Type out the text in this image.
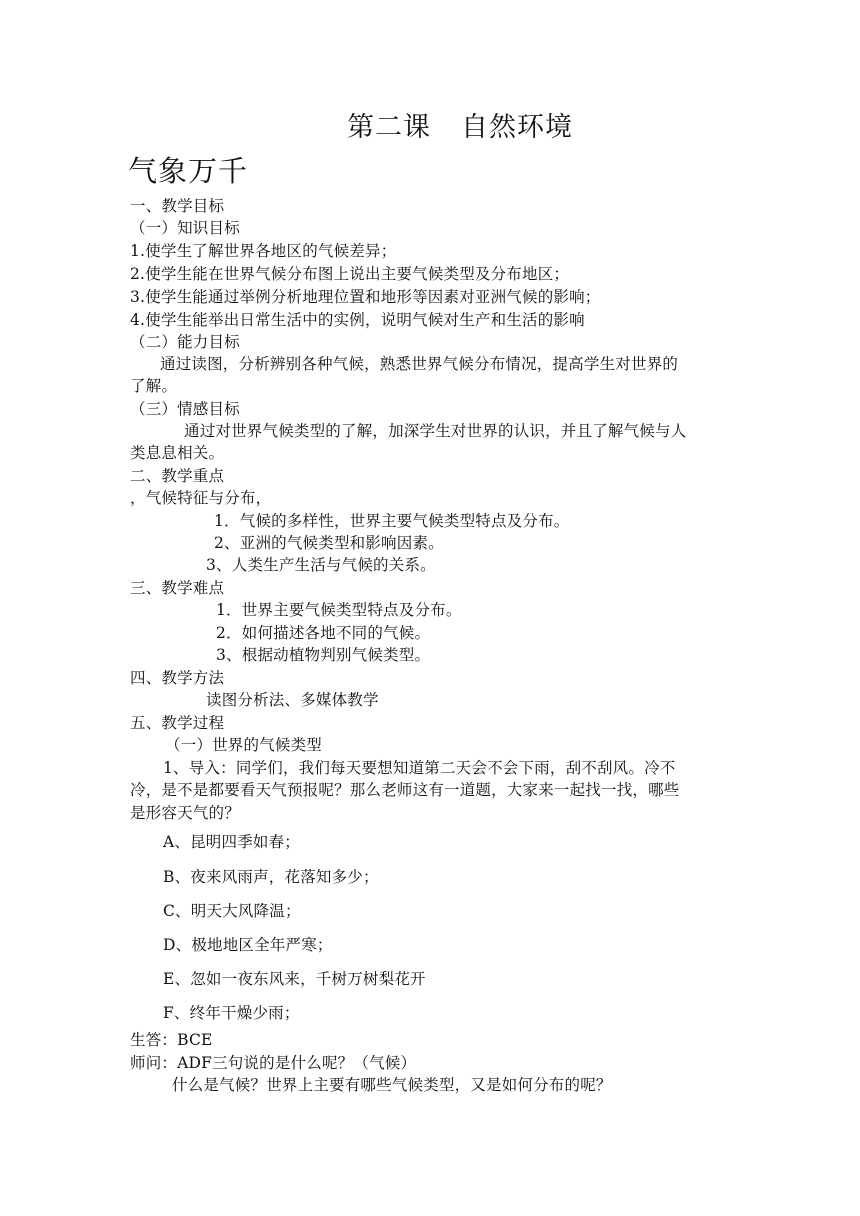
第二课 自然环境
气象万千
一、教学目标
（一）知识目标
1.使学生了解世界各地区的气候差异；
2.使学生能在世界气候分布图上说出主要气候类型及分布地区；
3.使学生能通过举例分析地理位置和地形等因素对亚洲气候的影响；
4.使学生能举出日常生活中的实例，说明气候对生产和生活的影响
（二）能力目标
通过读图，分析辨别各种气候，熟悉世界气候分布情况，提高学生对世界的
了解。
（三）情感目标
通过对世界气候类型的了解，加深学生对世界的认识，并且了解气候与人
类息息相关。
二、教学重点
，气候特征与分布，
1．气候的多样性，世界主要气候类型特点及分布。
2、亚洲的气候类型和影响因素。
3、人类生产生活与气候的关系。
三、教学难点
1．世界主要气候类型特点及分布。
2．如何描述各地不同的气候。
3、根据动植物判别气候类型。
四、教学方法
读图分析法、多媒体教学
五、教学过程
（一）世界的气候类型
1、导入：同学们，我们每天要想知道第二天会不会下雨，刮不刮风。冷不
冷，是不是都要看天气预报呢？那么老师这有一道题，大家来一起找一找，哪些
是形容天气的？
A、昆明四季如春；
B、夜来风雨声，花落知多少；
C、明天大风降温；
D、极地地区全年严寒；
E、忽如一夜东风来，千树万树梨花开
F、终年干燥少雨；
生答：BCE
师问：ADF三句说的是什么呢？（气候）
什么是气候？世界上主要有哪些气候类型，又是如何分布的呢？
